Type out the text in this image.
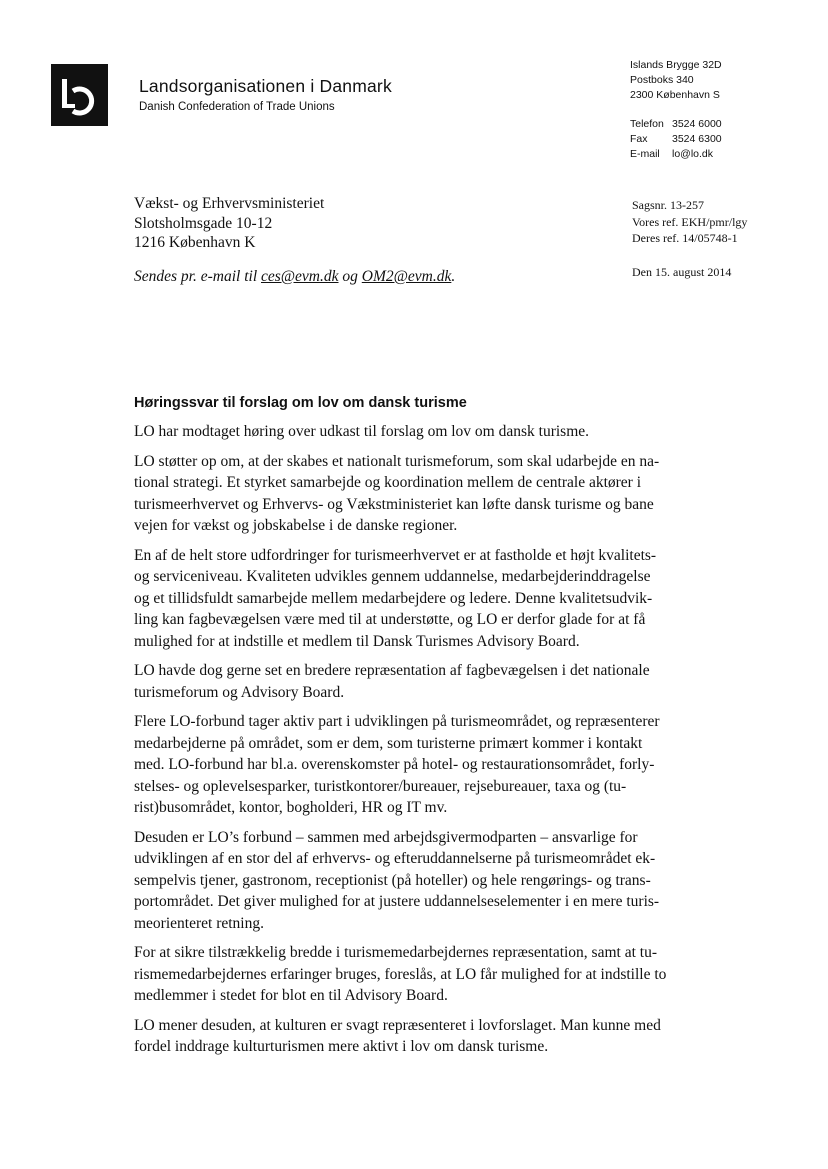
Landsorganisationen i Danmark
Danish Confederation of Trade Unions
Islands Brygge 32D
Postboks 340
2300 København S
Telefon 3524 6000
Fax	3524 6300
E-mail	lo@lo.dk
Vækst- og Erhvervsministeriet
Slotsholmsgade 10-12
1216 København K
Sagsnr. 13-257
Vores ref. EKH/pmr/lgy
Deres ref. 14/05748-1
Sendes pr. e-mail til ces@evm.dk og OM2@evm.dk.	Den 15. august 2014
Høringssvar til forslag om lov om dansk turisme

LO har modtaget høring over udkast til forslag om lov om dansk turisme.

LO støtter op om, at der skabes et nationalt turismeforum, som skal udarbejde en na-
tional strategi. Et styrket samarbejde og koordination mellem de centrale aktører i
turismeerhvervet og Erhvervs- og Vækstministeriet kan løfte dansk turisme og bane
vejen for vækst og jobskabelse i de danske regioner.

En af de helt store udfordringer for turismeerhvervet er at fastholde et højt kvalitets-
og serviceniveau. Kvaliteten udvikles gennem uddannelse, medarbejderinddragelse
og et tillidsfuldt samarbejde mellem medarbejdere og ledere. Denne kvalitetsudvik-
ling kan fagbevægelsen være med til at understøtte, og LO er derfor glade for at få
mulighed for at indstille et medlem til Dansk Turismes Advisory Board.

LO havde dog gerne set en bredere repræsentation af fagbevægelsen i det nationale
turismeforum og Advisory Board.

Flere LO-forbund tager aktiv part i udviklingen på turismeområdet, og repræsenterer
medarbejderne på området, som er dem, som turisterne primært kommer i kontakt
med. LO-forbund har bl.a. overenskomster på hotel- og restaurationsområdet, forly-
stelses- og oplevelsesparker, turistkontorer/bureauer, rejsebureauer, taxa og (tu-
rist)busområdet, kontor, bogholderi, HR og IT mv.

Desuden er LO’s forbund – sammen med arbejdsgivermodparten – ansvarlige for
udviklingen af en stor del af erhvervs- og efteruddannelserne på turismeområdet ek-
sempelvis tjener, gastronom, receptionist (på hoteller) og hele rengørings- og trans-
portområdet. Det giver mulighed for at justere uddannelseselementer i en mere turis-
meorienteret retning.

For at sikre tilstrækkelig bredde i turismemedarbejdernes repræsentation, samt at tu-
rismemedarbejdernes erfaringer bruges, foreslås, at LO får mulighed for at indstille to
medlemmer i stedet for blot en til Advisory Board.

LO mener desuden, at kulturen er svagt repræsenteret i lovforslaget. Man kunne med
fordel inddrage kulturturismen mere aktivt i lov om dansk turisme.
